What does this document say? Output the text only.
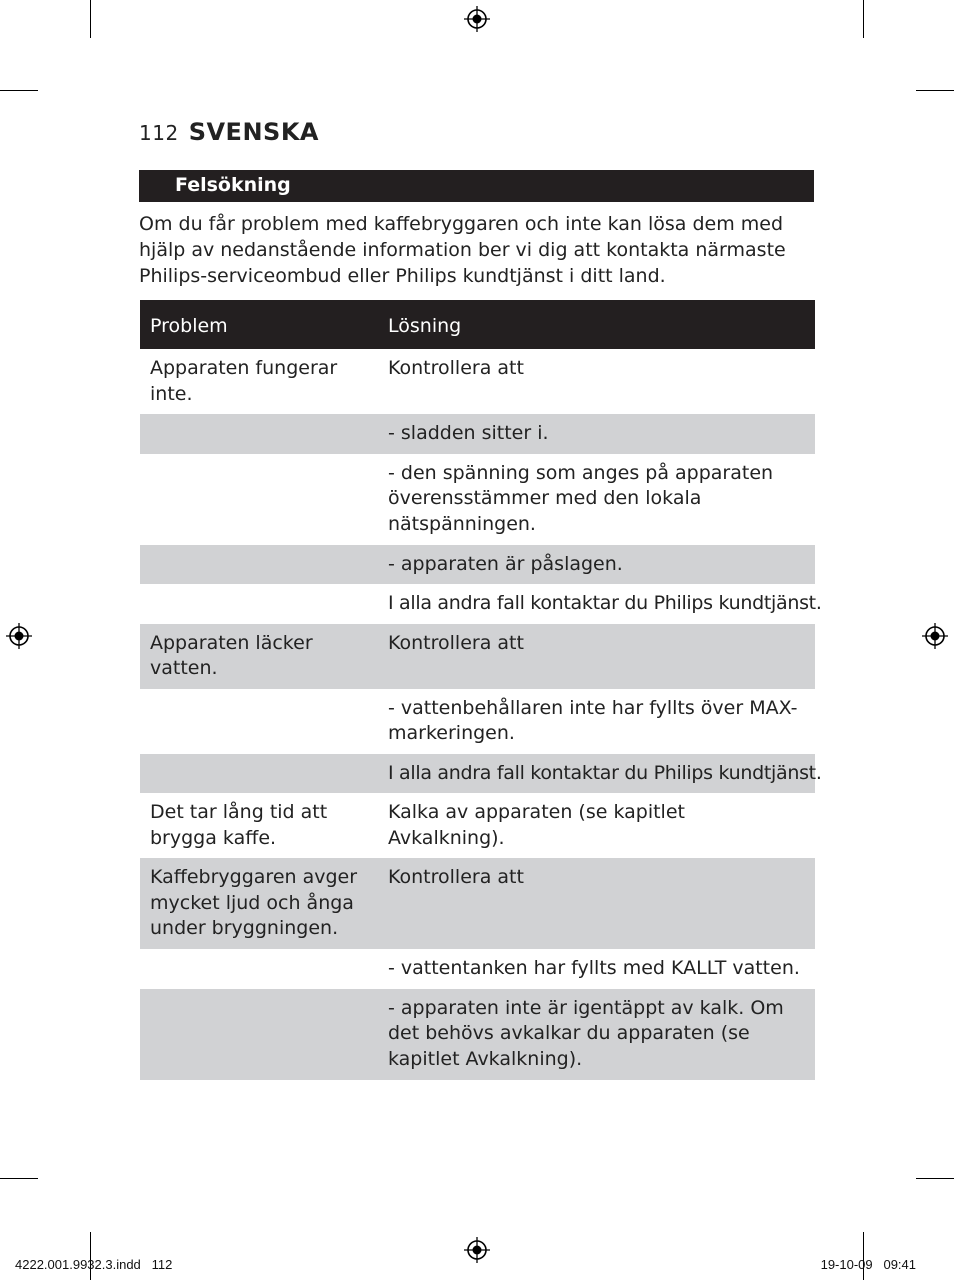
112 SVENSKA
Felsökning
Om du får problem med kaffebryggaren och inte kan lösa dem med hjälp av nedanstående information ber vi dig att kontakta närmaste Philips-serviceombud eller Philips kundtjänst i ditt land.
Problem	Lösning
Apparaten fungerar inte.	Kontrollera att
	- sladden sitter i.
	- den spänning som anges på apparaten överensstämmer med den lokala nätspänningen.
	- apparaten är påslagen.
	I alla andra fall kontaktar du Philips kundtjänst.
Apparaten läcker vatten.	Kontrollera att
	- vattenbehållaren inte har fyllts över MAX-markeringen.
	I alla andra fall kontaktar du Philips kundtjänst.
Det tar lång tid att brygga kaffe.	Kalka av apparaten (se kapitlet Avkalkning).
Kaffebryggaren avger mycket ljud och ånga under bryggningen.	Kontrollera att
	- vattentanken har fyllts med KALLT vatten.
	- apparaten inte är igentäppt av kalk. Om det behövs avkalkar du apparaten (se kapitlet Avkalkning).
4222.001.9932.3.indd   112	19-10-09   09:41
